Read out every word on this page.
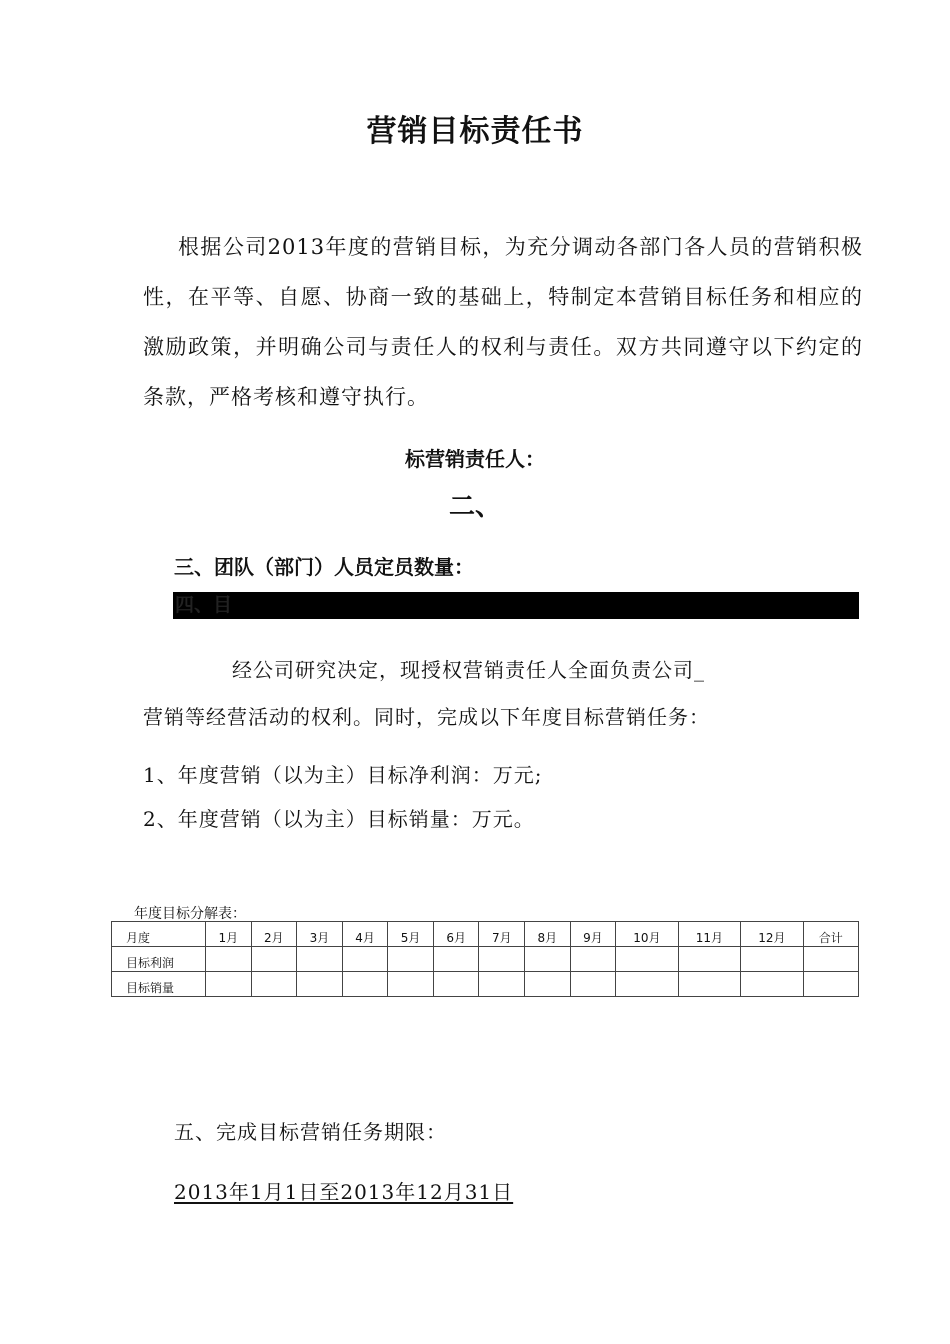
营销目标责任书
根据公司2013年度的营销目标，为充分调动各部门各人员的营销积极性，在平等、自愿、协商一致的基础上，特制定本营销目标任务和相应的激励政策，并明确公司与责任人的权利与责任。双方共同遵守以下约定的条款，严格考核和遵守执行。
标营销责任人：
二、
三、团队（部门）人员定员数量：
四、目
经公司研究决定，现授权营销责任人全面负责公司_
营销等经营活动的权利。同时，完成以下年度目标营销任务：
1、年度营销（以为主）目标净利润：万元;
2、年度营销（以为主）目标销量：万元。
年度目标分解表：
月度	1月	2月	3月	4月	5月	6月	7月	8月	9月	10月	11月	12月	合计
目标利润													
目标销量													
五、完成目标营销任务期限：
2013年1月1日至2013年12月31日
